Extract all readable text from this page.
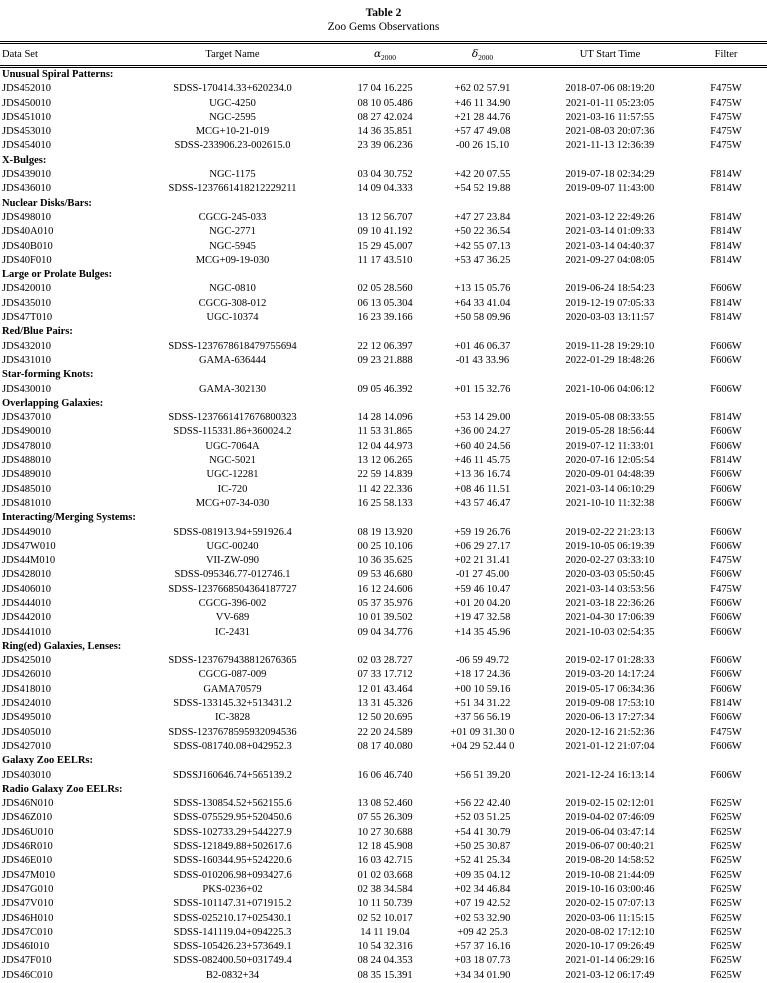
Table 2
Zoo Gems Observations
Data Set	Target Name	$\alpha_{2000}$	$\delta_{2000}$	UT Start Time	Filter
Unusual Spiral Patterns:					
JDS452010	SDSS-170414.33+620234.0	17 04 16.225	+62 02 57.91	2018-07-06 08:19:20	F475W
JDS450010	UGC-4250	08 10 05.486	+46 11 34.90	2021-01-11 05:23:05	F475W
JDS451010	NGC-2595	08 27 42.024	+21 28 44.76	2021-03-16 11:57:55	F475W
JDS453010	MCG+10-21-019	14 36 35.851	+57 47 49.08	2021-08-03 20:07:36	F475W
JDS454010	SDSS-233906.23-002615.0	23 39 06.236	-00 26 15.10	2021-11-13 12:36:39	F475W
X-Bulges:					
JDS439010	NGC-1175	03 04 30.752	+42 20 07.55	2019-07-18 02:34:29	F814W
JDS436010	SDSS-1237661418212229211	14 09 04.333	+54 52 19.88	2019-09-07 11:43:00	F814W
Nuclear Disks/Bars:					
JDS498010	CGCG-245-033	13 12 56.707	+47 27 23.84	2021-03-12 22:49:26	F814W
JDS40A010	NGC-2771	09 10 41.192	+50 22 36.54	2021-03-14 01:09:33	F814W
JDS40B010	NGC-5945	15 29 45.007	+42 55 07.13	2021-03-14 04:40:37	F814W
JDS40F010	MCG+09-19-030	11 17 43.510	+53 47 36.25	2021-09-27 04:08:05	F814W
Large or Prolate Bulges:					
JDS420010	NGC-0810	02 05 28.560	+13 15 05.76	2019-06-24 18:54:23	F606W
JDS435010	CGCG-308-012	06 13 05.304	+64 33 41.04	2019-12-19 07:05:33	F814W
JDS47T010	UGC-10374	16 23 39.166	+50 58 09.96	2020-03-03 13:11:57	F814W
Red/Blue Pairs:					
JDS432010	SDSS-1237678618479755694	22 12 06.397	+01 46 06.37	2019-11-28 19:29:10	F606W
JDS431010	GAMA-636444	09 23 21.888	-01 43 33.96	2022-01-29 18:48:26	F606W
Star-forming Knots:					
JDS430010	GAMA-302130	09 05 46.392	+01 15 32.76	2021-10-06 04:06:12	F606W
Overlapping Galaxies:					
JDS437010	SDSS-1237661417676800323	14 28 14.096	+53 14 29.00	2019-05-08 08:33:55	F814W
JDS490010	SDSS-115331.86+360024.2	11 53 31.865	+36 00 24.27	2019-05-28 18:56:44	F606W
JDS478010	UGC-7064A	12 04 44.973	+60 40 24.56	2019-07-12 11:33:01	F606W
JDS488010	NGC-5021	13 12 06.265	+46 11 45.75	2020-07-16 12:05:54	F814W
JDS489010	UGC-12281	22 59 14.839	+13 36 16.74	2020-09-01 04:48:39	F606W
JDS485010	IC-720	11 42 22.336	+08 46 11.51	2021-03-14 06:10:29	F606W
JDS481010	MCG+07-34-030	16 25 58.133	+43 57 46.47	2021-10-10 11:32:38	F606W
Interacting/Merging Systems:					
JDS449010	SDSS-081913.94+591926.4	08 19 13.920	+59 19 26.76	2019-02-22 21:23:13	F606W
JDS47W010	UGC-00240	00 25 10.106	+06 29 27.17	2019-10-05 06:19:39	F606W
JDS44M010	VII-ZW-090	10 36 35.625	+02 21 31.41	2020-02-27 03:33:10	F475W
JDS428010	SDSS-095346.77-012746.1	09 53 46.680	-01 27 45.00	2020-03-03 05:50:45	F606W
JDS406010	SDSS-1237668504364187727	16 12 24.606	+59 46 10.47	2021-03-14 03:53:56	F475W
JDS444010	CGCG-396-002	05 37 35.976	+01 20 04.20	2021-03-18 22:36:26	F606W
JDS442010	VV-689	10 01 39.502	+19 47 32.58	2021-04-30 17:06:39	F606W
JDS441010	IC-2431	09 04 34.776	+14 35 45.96	2021-10-03 02:54:35	F606W
Ring(ed) Galaxies, Lenses:					
JDS425010	SDSS-1237679438812676365	02 03 28.727	-06 59 49.72	2019-02-17 01:28:33	F606W
JDS426010	CGCG-087-009	07 33 17.712	+18 17 24.36	2019-03-20 14:17:24	F606W
JDS418010	GAMA70579	12 01 43.464	+00 10 59.16	2019-05-17 06:34:36	F606W
JDS424010	SDSS-133145.32+513431.2	13 31 45.326	+51 34 31.22	2019-09-08 17:53:10	F814W
JDS495010	IC-3828	12 50 20.695	+37 56 56.19	2020-06-13 17:27:34	F606W
JDS405010	SDSS-1237678595932094536	22 20 24.589	+01 09 31.30 0	2020-12-16 21:52:36	F475W
JDS427010	SDSS-081740.08+042952.3	08 17 40.080	+04 29 52.44 0	2021-01-12 21:07:04	F606W
Galaxy Zoo EELRs:					
JDS403010	SDSSJ160646.74+565139.2	16 06 46.740	+56 51 39.20	2021-12-24 16:13:14	F606W
Radio Galaxy Zoo EELRs:					
JDS46N010	SDSS-130854.52+562155.6	13 08 52.460	+56 22 42.40	2019-02-15 02:12:01	F625W
JDS46Z010	SDSS-075529.95+520450.6	07 55 26.309	+52 03 51.25	2019-04-02 07:46:09	F625W
JDS46U010	SDSS-102733.29+544227.9	10 27 30.688	+54 41 30.79	2019-06-04 03:47:14	F625W
JDS46R010	SDSS-121849.88+502617.6	12 18 45.908	+50 25 30.87	2019-06-07 00:40:21	F625W
JDS46E010	SDSS-160344.95+524220.6	16 03 42.715	+52 41 25.34	2019-08-20 14:58:52	F625W
JDS47M010	SDSS-010206.98+093427.6	01 02 03.668	+09 35 04.12	2019-10-08 21:44:09	F625W
JDS47G010	PKS-0236+02	02 38 34.584	+02 34 46.84	2019-10-16 03:00:46	F625W
JDS47V010	SDSS-101147.31+071915.2	10 11 50.739	+07 19 42.52	2020-02-15 07:07:13	F625W
JDS46H010	SDSS-025210.17+025430.1	02 52 10.017	+02 53 32.90	2020-03-06 11:15:15	F625W
JDS47C010	SDSS-141119.04+094225.3	14 11 19.04	+09 42 25.3	2020-08-02 17:12:10	F625W
JDS46I010	SDSS-105426.23+573649.1	10 54 32.316	+57 37 16.16	2020-10-17 09:26:49	F625W
JDS47F010	SDSS-082400.50+031749.4	08 24 04.353	+03 18 07.73	2021-01-14 06:29:16	F625W
JDS46C010	B2-0832+34	08 35 15.391	+34 34 01.90	2021-03-12 06:17:49	F625W
